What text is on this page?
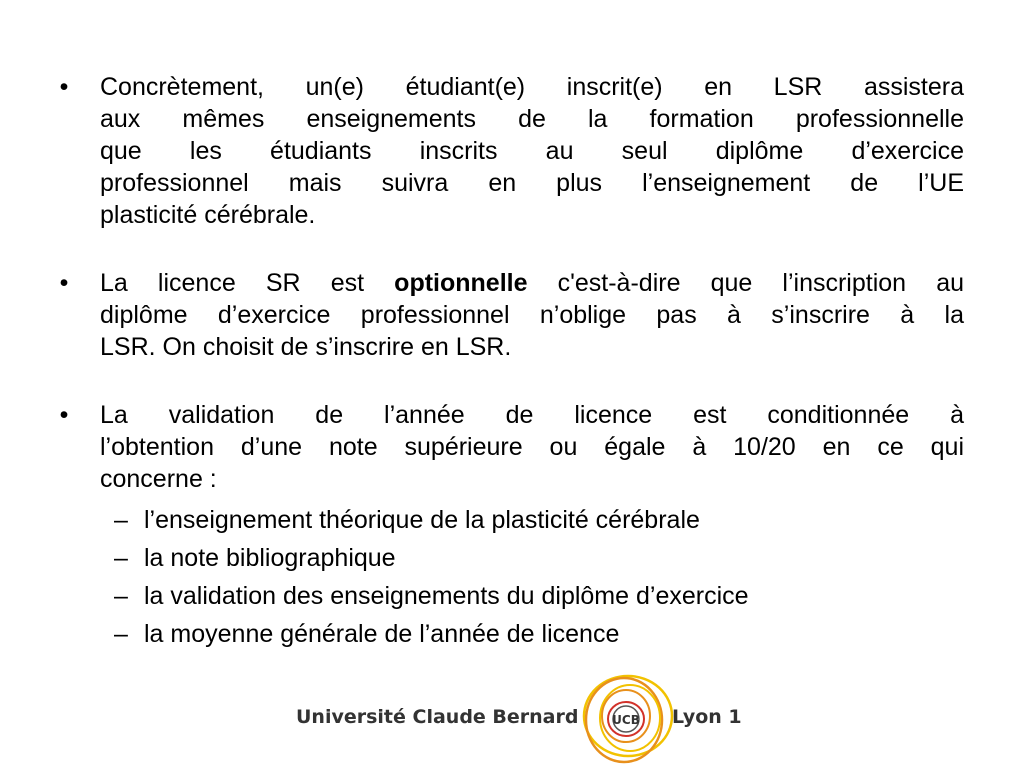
• Concrètement, un(e) étudiant(e) inscrit(e) en LSR assistera
aux mêmes enseignements de la formation professionnelle
que les étudiants inscrits au seul diplôme d’exercice
professionnel mais suivra en plus l’enseignement de l’UE
plasticité cérébrale.
• La licence SR est optionnelle c'est-à-dire que l’inscription au
diplôme d’exercice professionnel n’oblige pas à s’inscrire à la
LSR. On choisit de s’inscrire en LSR.
• La validation de l’année de licence est conditionnée à
l’obtention d’une note supérieure ou égale à 10/20 en ce qui
concerne :
– l’enseignement théorique de la plasticité cérébrale
– la note bibliographique
– la validation des enseignements du diplôme d’exercice
– la moyenne générale de l’année de licence
Université Claude Bernard	UCB Lyon 1
